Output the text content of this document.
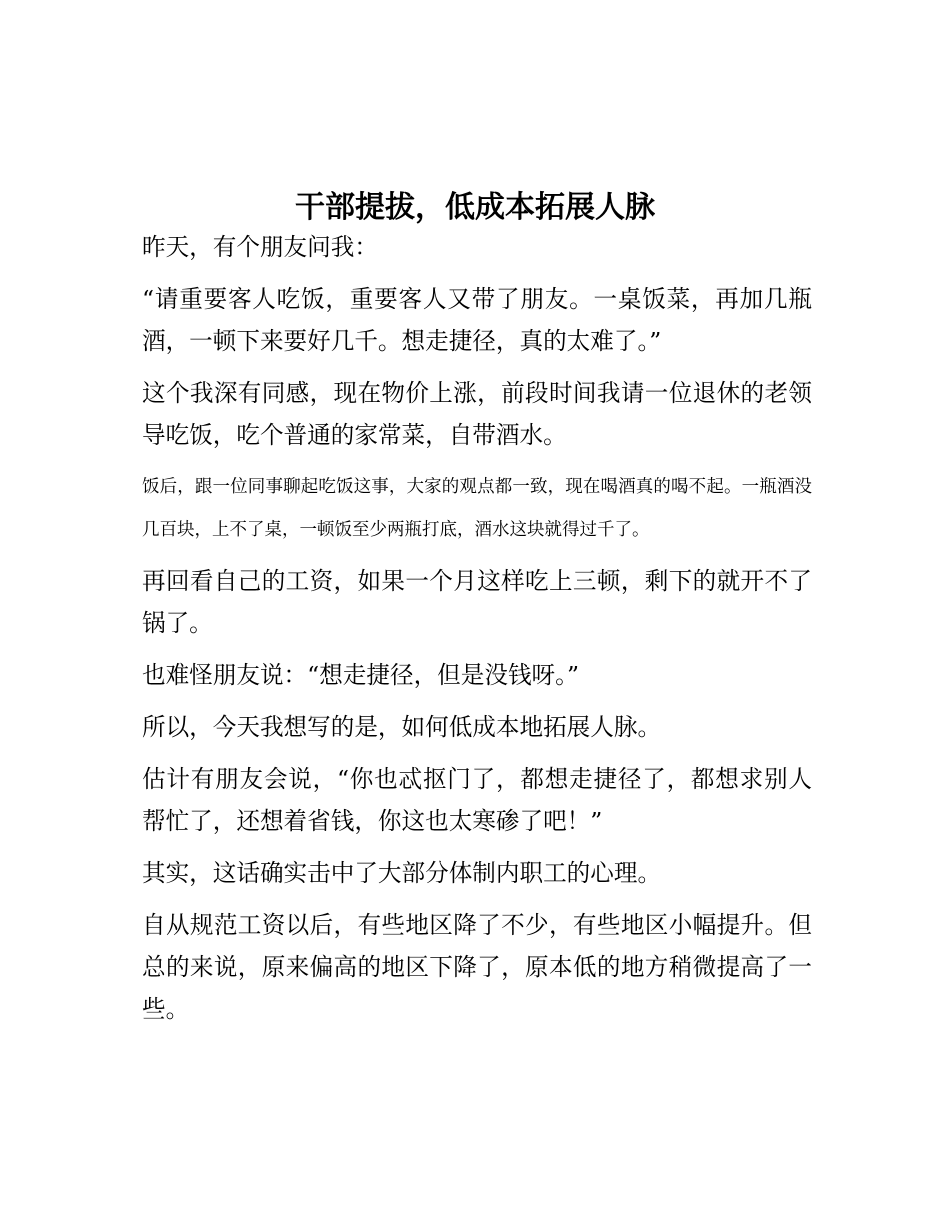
干部提拔，低成本拓展人脉

昨天，有个朋友问我：

“请重要客人吃饭，重要客人又带了朋友。一桌饭菜，再加几瓶酒，一顿下来要好几千。想走捷径，真的太难了。”

这个我深有同感，现在物价上涨，前段时间我请一位退休的老领导吃饭，吃个普通的家常菜，自带酒水。

饭后，跟一位同事聊起吃饭这事，大家的观点都一致，现在喝酒真的喝不起。一瓶酒没几百块，上不了桌，一顿饭至少两瓶打底，酒水这块就得过千了。

再回看自己的工资，如果一个月这样吃上三顿，剩下的就开不了锅了。

也难怪朋友说：“想走捷径，但是没钱呀。”

所以，今天我想写的是，如何低成本地拓展人脉。

估计有朋友会说，“你也忒抠门了，都想走捷径了，都想求别人帮忙了，还想着省钱，你这也太寒碜了吧！”

其实，这话确实击中了大部分体制内职工的心理。

自从规范工资以后，有些地区降了不少，有些地区小幅提升。但总的来说，原来偏高的地区下降了，原本低的地方稍微提高了一些。
